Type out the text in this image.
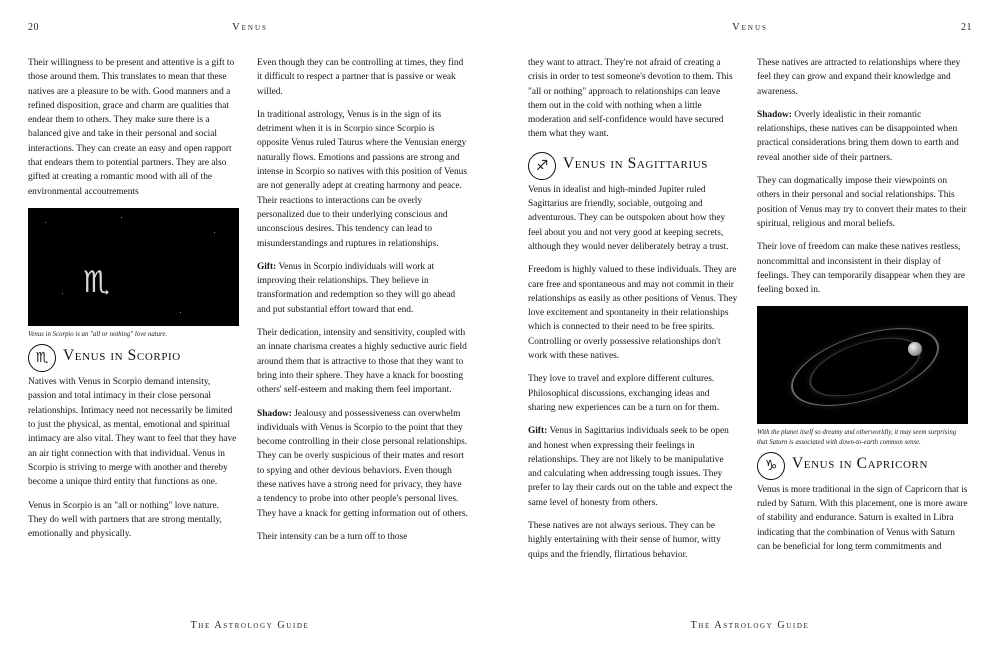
20	Venus

Their willingness to be present and attentive is a gift to those around them. This translates to mean that these natives are a pleasure to be with. Good manners and a refined disposition, grace and charm are qualities that endear them to others. They make sure there is a balanced give and take in their personal and social interactions. They can create an easy and open rapport that endears them to potential partners. They are also gifted at creating a romantic mood with all of the environmental accoutrements

♏
Venus in Scorpio is an "all or nothing" love nature.
♏ Venus in Scorpio

Natives with Venus in Scorpio demand intensity, passion and total intimacy in their close personal relationships. Intimacy need not necessarily be limited to just the physical, as mental, emotional and spiritual intimacy are also vital. They want to feel that they have an air tight connection with that individual. Venus in Scorpio is striving to merge with another and thereby become a unique third entity that functions as one.

Venus in Scorpio is an "all or nothing" love nature. They do well with partners that are strong mentally, emotionally and physically.

Even though they can be controlling at times, they find it difficult to respect a partner that is passive or weak willed.

In traditional astrology, Venus is in the sign of its detriment when it is in Scorpio since Scorpio is opposite Venus ruled Taurus where the Venusian energy naturally flows. Emotions and passions are strong and intense in Scorpio so natives with this position of Venus are not generally adept at creating harmony and peace. Their reactions to interactions can be overly personalized due to their underlying conscious and unconscious desires. This tendency can lead to misunderstandings and ruptures in relationships.

Gift: Venus in Scorpio individuals will work at improving their relationships. They believe in transformation and redemption so they will go ahead and put substantial effort toward that end.

Their dedication, intensity and sensitivity, coupled with an innate charisma creates a highly seductive auric field around them that is attractive to those that they want to bring into their sphere. They have a knack for boosting others' self-esteem and making them feel important.

Shadow: Jealousy and possessiveness can overwhelm individuals with Venus is Scorpio to the point that they become controlling in their close personal relationships. They can be overly suspicious of their mates and resort to spying and other devious behaviors. Even though these natives have a strong need for privacy, they have a tendency to probe into other people's personal lives. They have a knack for getting information out of others.

Their intensity can be a turn off to those

The Astrology Guide
Venus	21

they want to attract. They're not afraid of creating a crisis in order to test someone's devotion to them. This "all or nothing" approach to relationships can leave them out in the cold with nothing when a little moderation and self-confidence would have secured them what they want.

♐ Venus in Sagittarius

Venus in idealist and high-minded Jupiter ruled Sagittarius are friendly, sociable, outgoing and adventurous. They can be outspoken about how they feel about you and not very good at keeping secrets, although they would never deliberately betray a trust.

Freedom is highly valued to these individuals. They are care free and spontaneous and may not commit in their relationships as easily as other positions of Venus. They love excitement and spontaneity in their relationships which is connected to their need to be free spirits. Controlling or overly possessive relationships don't work with these natives.

They love to travel and explore different cultures. Philosophical discussions, exchanging ideas and sharing new experiences can be a turn on for them.

Gift: Venus in Sagittarius individuals seek to be open and honest when expressing their feelings in relationships. They are not likely to be manipulative and calculating when addressing tough issues. They prefer to lay their cards out on the table and expect the same level of honesty from others.

These natives are not always serious. They can be highly entertaining with their sense of humor, witty quips and the friendly, flirtatious behavior.

These natives are attracted to relationships where they feel they can grow and expand their knowledge and awareness.

Shadow: Overly idealistic in their romantic relationships, these natives can be disappointed when practical considerations bring them down to earth and reveal another side of their partners.

They can dogmatically impose their viewpoints on others in their personal and social relationships. This position of Venus may try to convert their mates to their spiritual, religious and moral beliefs.

Their love of freedom can make these natives restless, noncommittal and inconsistent in their display of feelings. They can temporarily disappear when they are feeling boxed in.

With the planet itself so dreamy and otherworldly, it may seem surprising that Saturn is associated with down-to-earth common sense.
♑ Venus in Capricorn

Venus is more traditional in the sign of Capricorn that is ruled by Saturn. With this placement, one is more aware of stability and endurance. Saturn is exalted in Libra indicating that the combination of Venus with Saturn can be beneficial for long term commitments and

The Astrology Guide
